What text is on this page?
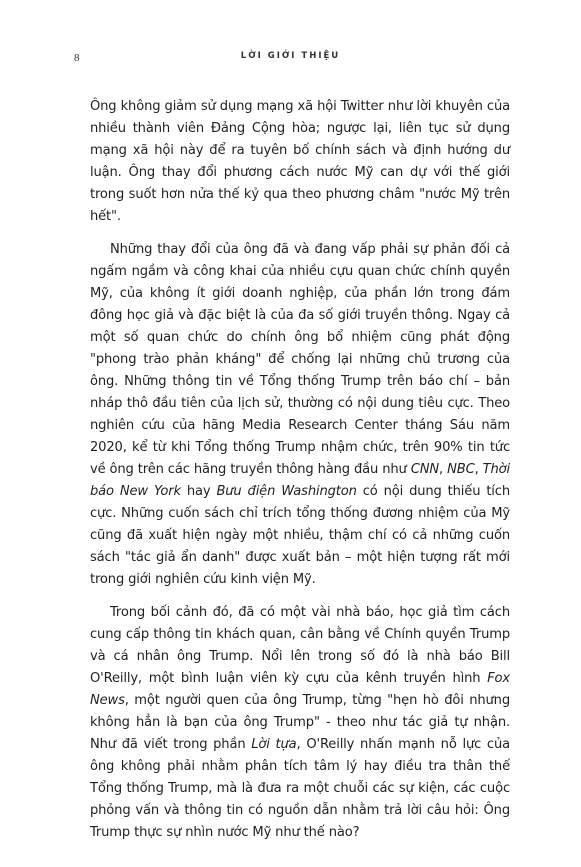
8	LỜI GIỚI THIỆU

Ông không giảm sử dụng mạng xã hội Twitter như lời khuyên của nhiều thành viên Đảng Cộng hòa; ngược lại, liên tục sử dụng mạng xã hội này để ra tuyên bố chính sách và định hướng dư luận. Ông thay đổi phương cách nước Mỹ can dự với thế giới trong suốt hơn nửa thế kỷ qua theo phương châm "nước Mỹ trên hết".

Những thay đổi của ông đã và đang vấp phải sự phản đối cả ngấm ngầm và công khai của nhiều cựu quan chức chính quyền Mỹ, của không ít giới doanh nghiệp, của phần lớn trong đám đông học giả và đặc biệt là của đa số giới truyền thông. Ngay cả một số quan chức do chính ông bổ nhiệm cũng phát động "phong trào phản kháng" để chống lại những chủ trương của ông. Những thông tin về Tổng thống Trump trên báo chí – bản nháp thô đầu tiên của lịch sử, thường có nội dung tiêu cực. Theo nghiên cứu của hãng Media Research Center tháng Sáu năm 2020, kể từ khi Tổng thống Trump nhậm chức, trên 90% tin tức về ông trên các hãng truyền thông hàng đầu như CNN, NBC, Thời báo New York hay Bưu điện Washington có nội dung thiếu tích cực. Những cuốn sách chỉ trích tổng thống đương nhiệm của Mỹ cũng đã xuất hiện ngày một nhiều, thậm chí có cả những cuốn sách "tác giả ẩn danh" được xuất bản – một hiện tượng rất mới trong giới nghiên cứu kinh viện Mỹ.

Trong bối cảnh đó, đã có một vài nhà báo, học giả tìm cách cung cấp thông tin khách quan, cân bằng về Chính quyền Trump và cá nhân ông Trump. Nổi lên trong số đó là nhà báo Bill O'Reilly, một bình luận viên kỳ cựu của kênh truyền hình Fox News, một người quen của ông Trump, từng "hẹn hò đôi nhưng không hẳn là bạn của ông Trump" - theo như tác giả tự nhận. Như đã viết trong phần Lời tựa, O'Reilly nhấn mạnh nỗ lực của ông không phải nhằm phân tích tâm lý hay điều tra thân thế Tổng thống Trump, mà là đưa ra một chuỗi các sự kiện, các cuộc phỏng vấn và thông tin có nguồn dẫn nhằm trả lời câu hỏi: Ông Trump thực sự nhìn nước Mỹ như thế nào?
